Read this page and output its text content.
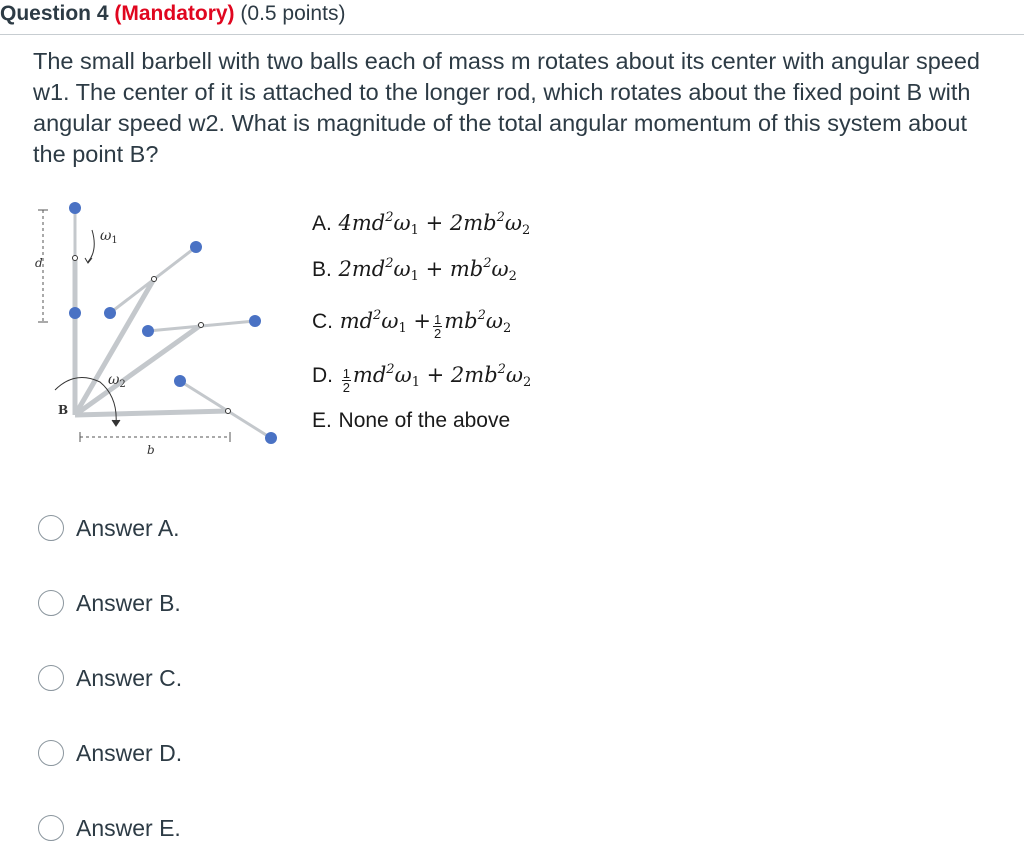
Question 4 (Mandatory) (0.5 points)
The small barbell with two balls each of mass m rotates about its center with angular speed w1. The center of it is attached to the longer rod, which rotates about the fixed point B with angular speed w2. What is magnitude of the total angular momentum of this system about the point B?
d
$\omega_1$
$\omega_2$
B
b
A. $4md^2\omega_1 + 2mb^2\omega_2$
B. $2md^2\omega_1 + mb^2\omega_2$
C. $md^2\omega_1 + \frac{1}{2} mb^2\omega_2$
D. $\frac{1}{2} md^2\omega_1 + 2mb^2\omega_2$
E. None of the above
Answer A.
Answer B.
Answer C.
Answer D.
Answer E.
